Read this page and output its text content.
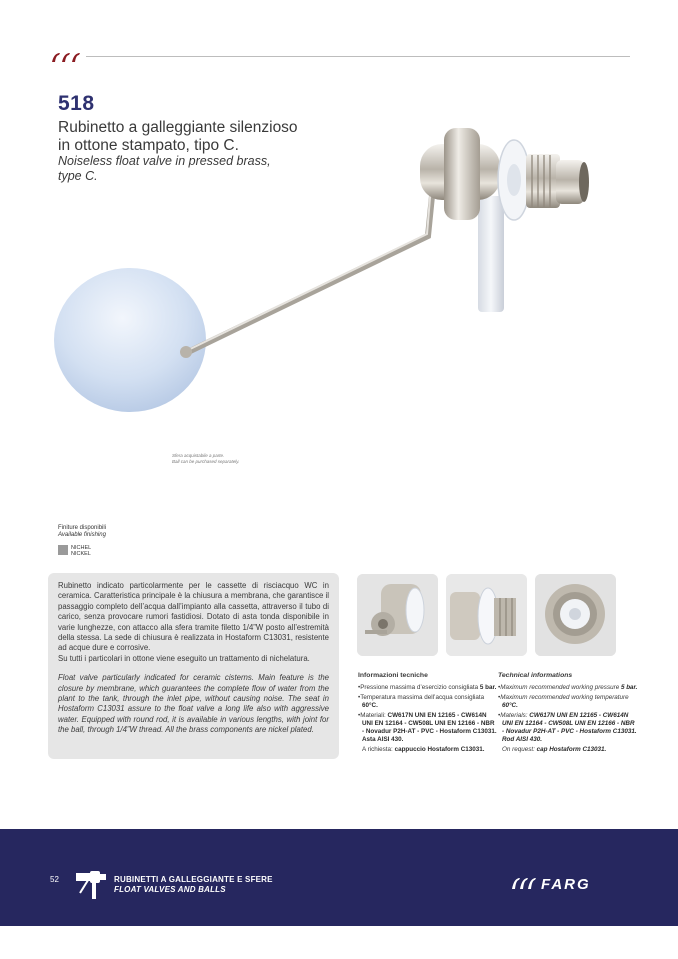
518
Rubinetto a galleggiante silenzioso in ottone stampato, tipo C.
Noiseless float valve in pressed brass, type C.
Sfera acquistabile a parte.
Ball can be purchased separately.
Finiture disponibili
Available finishing
NICHEL
NICKEL

Rubinetto indicato particolarmente per le cassette di risciacquo WC in ceramica. Caratteristica principale è la chiusura a membrana, che garantisce il passaggio completo dell’acqua dall’impianto alla cassetta, attraverso il tubo di carico, senza provocare rumori fastidiosi. Dotato di asta tonda disponibile in varie lunghezze, con attacco alla sfera tramite filetto 1/4”W posto all’estremità della stessa. La sede di chiusura è realizzata in Hostaform C13031, resistente ad acque dure e corrosive.

Su tutti i particolari in ottone viene eseguito un trattamento di nichelatura.

Float valve particularly indicated for ceramic cisterns. Main feature is the closure by membrane, which guarantees the complete flow of water from the plant to the tank, through the inlet pipe, without causing noise. The seat in Hostaform C13031 assure to the float valve a long life also with aggressive water. Equipped with round rod, it is available in various lengths, with joint for the ball, through 1/4”W thread. All the brass components are nickel plated.

Informazioni tecniche
•Pressione massima d’esercizio consigliata 5 bar.
•Temperatura massima dell’acqua consigliata 60°C.
•Materiali: CW617N UNI EN 12165 - CW614N UNI EN 12164 - CW508L UNI EN 12166 - NBR - Novadur P2H-AT - PVC - Hostaform C13031. Asta AISI 430.
A richiesta: cappuccio Hostaform C13031.
Technical informations
•Maximum recommended working pressure 5 bar.
•Maximum recommended working temperature 60°C.
•Materials: CW617N UNI EN 12165 - CW614N UNI EN 12164 - CW508L UNI EN 12166 - NBR - Novadur P2H-AT - PVC - Hostaform C13031. Rod AISI 430.
On request: cap Hostaform C13031.
52	RUBINETTI A GALLEGGIANTE E SFERE
FLOAT VALVES AND BALLS	FARG
